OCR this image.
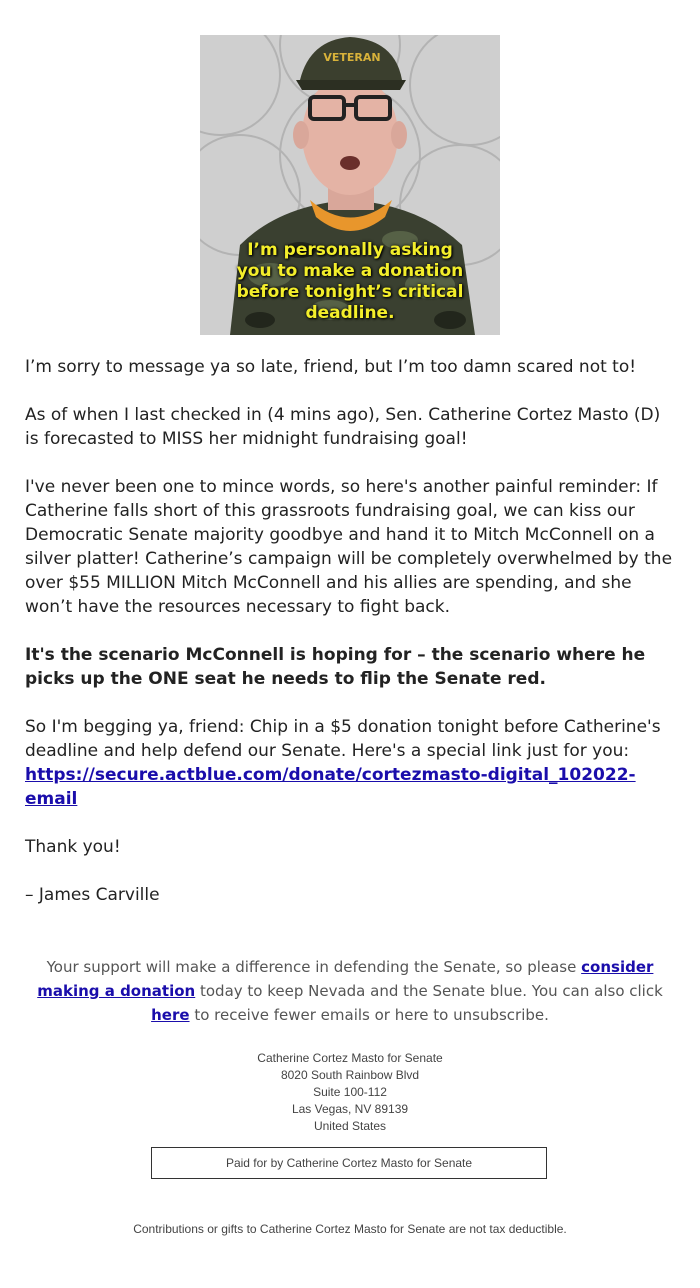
VETERAN
I’m personally asking
you to make a donation
before tonight’s critical
deadline.

I’m sorry to message ya so late, friend, but I’m too damn scared not to!

As of when I last checked in (4 mins ago), Sen. Catherine Cortez Masto (D) is forecasted to MISS her midnight fundraising goal!

I've never been one to mince words, so here's another painful reminder: If Catherine falls short of this grassroots fundraising goal, we can kiss our Democratic Senate majority goodbye and hand it to Mitch McConnell on a silver platter! Catherine’s campaign will be completely overwhelmed by the over $55 MILLION Mitch McConnell and his allies are spending, and she won’t have the resources necessary to fight back.

It's the scenario McConnell is hoping for – the scenario where he picks up the ONE seat he needs to flip the Senate red.

So I'm begging ya, friend: Chip in a $5 donation tonight before Catherine's deadline and help defend our Senate. Here's a special link just for you: https://secure.actblue.com/donate/cortezmasto-digital_102022-email

Thank you!

– James Carville

Your support will make a difference in defending the Senate, so please consider making a donation today to keep Nevada and the Senate blue. You can also click here to receive fewer emails or here to unsubscribe.
Catherine Cortez Masto for Senate
8020 South Rainbow Blvd
Suite 100-112
Las Vegas, NV 89139
United States
Paid for by Catherine Cortez Masto for Senate
Contributions or gifts to Catherine Cortez Masto for Senate are not tax deductible.
